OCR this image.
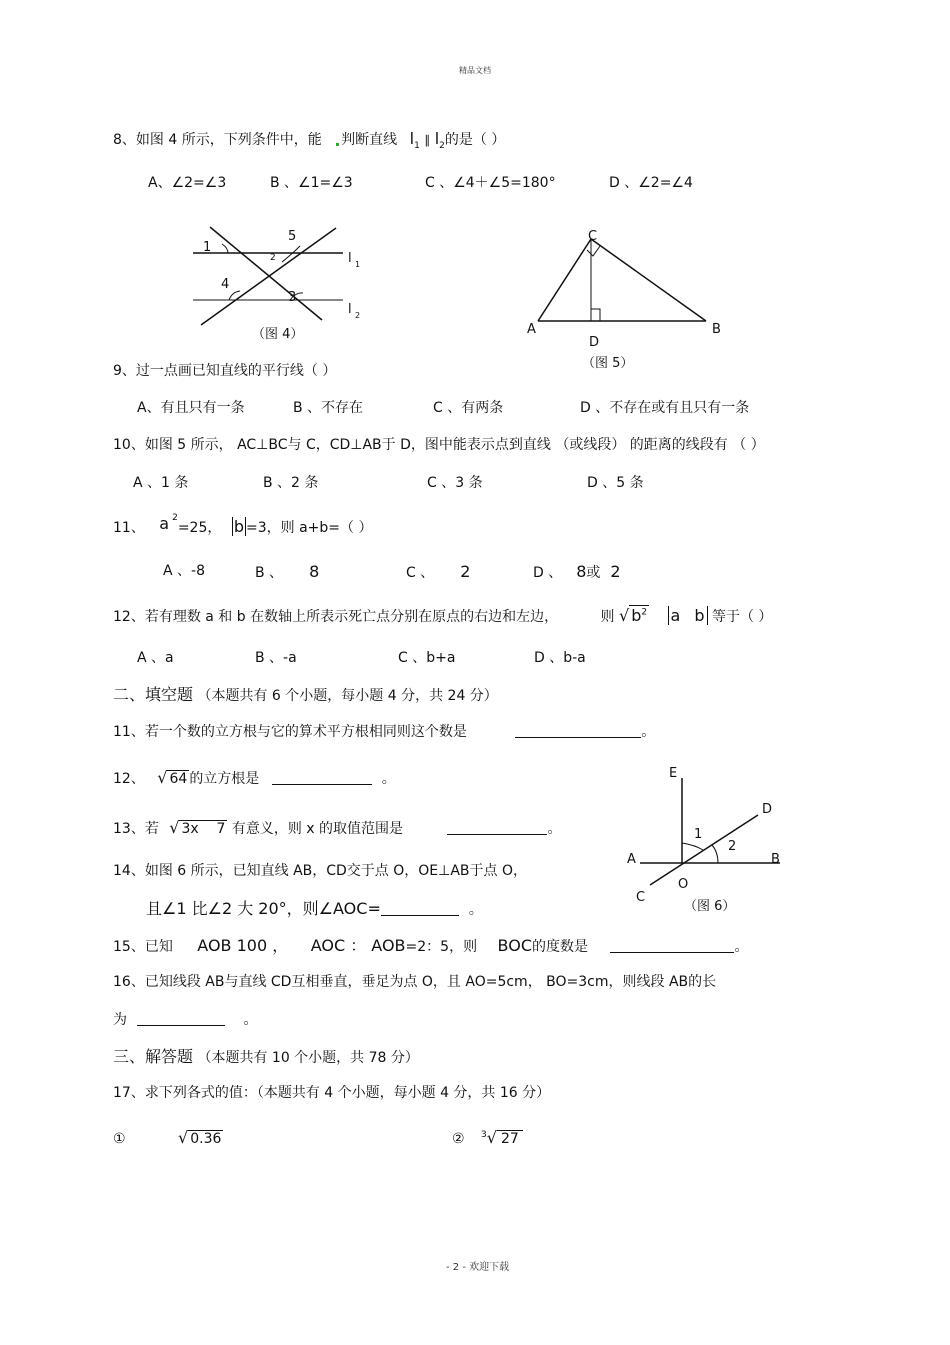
精品文档
8、如图 4 所示，下列条件中，能 判断直线 $l_1$ ∥ $l_2$的是（ ）
A、∠2=∠3	B 、∠1=∠3	C 、∠4＋∠5=180°	D 、∠2=∠4
1
5
2	l 1
4
3
l 2
（图 4）
C
A
D
B
（图 5）
E
D
1
2
A	B
O
C
（图 6）
9、过一点画已知直线的平行线（ ）
A、有且只有一条	B 、不存在	C 、有两条	D 、不存在或有且只有一条
10、如图 5 所示， AC⊥BC与 C，CD⊥AB于 D，图中能表示点到直线 （或线段） 的距离的线段有 （ ）
A 、1 条	B 、2 条	C 、3 条	D 、5 条
11、 a $^2$=25， b =3，则 a+b=（ ）
A 、-8	B 、 8	C 、 2	D 、 8或 2
12、若有理数 a 和 b 在数轴上所表示死亡点分别在原点的右边和左边，	则 √ $b^2$ a b 等于（ ）
A 、a	B 、-a	C 、b+a	D 、b-a
二、填空题 （本题共有 6 个小题，每小题 4 分，共 24 分）
11、若一个数的立方根与它的算术平方根相同则这个数是	。
12、 √ 64 的立方根是	。
13、若 √ 3x    7 有意义，则 x 的取值范围是	。
14、如图 6 所示，已知直线 AB，CD交于点 O，OE⊥AB于点 O，
且∠1 比∠2 大 20°，则∠AOC=	。
15、已知 AOB 100 ， AOC ： AOB=2：5，则 BOC的度数是	。
16、已知线段 AB与直线 CD互相垂直，垂足为点 O，且 AO=5cm， BO=3cm，则线段 AB的长
为	。
三、解答题 （本题共有 10 个小题，共 78 分）
17、求下列各式的值：（本题共有 4 个小题，每小题 4 分，共 16 分）
①	√ 0.36	② $^3$√ 27
- 2 - 欢迎下载
